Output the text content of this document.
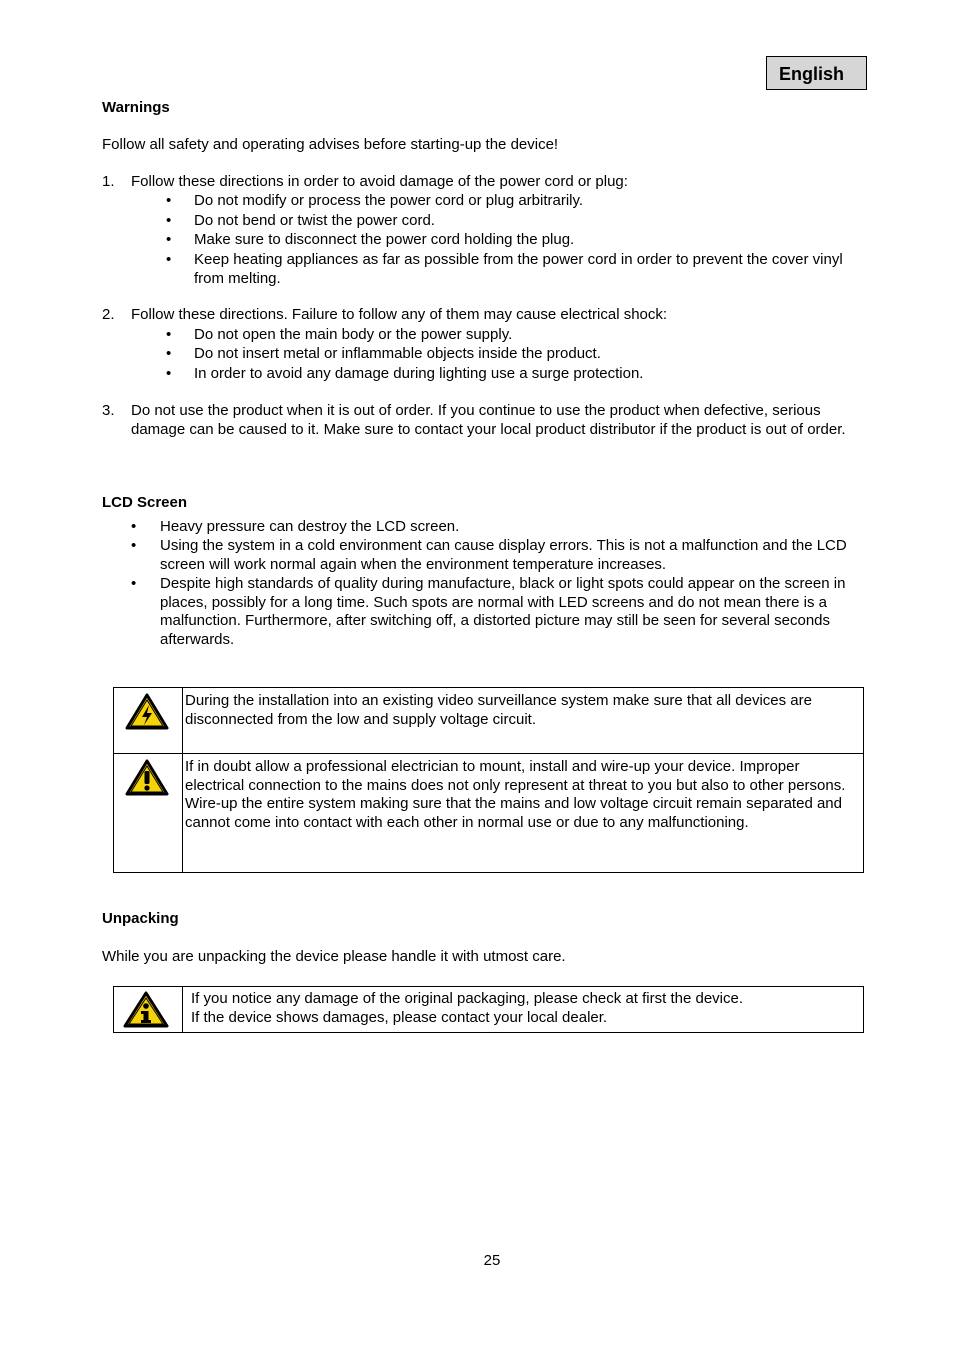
English
Warnings
Follow all safety and operating advises before starting-up the device!
1. Follow these directions in order to avoid damage of the power cord or plug:
• Do not modify or process the power cord or plug arbitrarily.
• Do not bend or twist the power cord.
• Make sure to disconnect the power cord holding the plug.
• Keep heating appliances as far as possible from the power cord in order to prevent the cover vinyl from melting.
2. Follow these directions. Failure to follow any of them may cause electrical shock:
• Do not open the main body or the power supply.
• Do not insert metal or inflammable objects inside the product.
• In order to avoid any damage during lighting use a surge protection.
3. Do not use the product when it is out of order. If you continue to use the product when defective, serious damage can be caused to it. Make sure to contact your local product distributor if the product is out of order.
LCD Screen
• Heavy pressure can destroy the LCD screen.
• Using the system in a cold environment can cause display errors. This is not a malfunction and the LCD screen will work normal again when the environment temperature increases.
• Despite high standards of quality during manufacture, black or light spots could appear on the screen in places, possibly for a long time. Such spots are normal with LED screens and do not mean there is a malfunction. Furthermore, after switching off, a distorted picture may still be seen for several seconds afterwards.
During the installation into an existing video surveillance system make sure that all devices are disconnected from the low and supply voltage circuit.
If in doubt allow a professional electrician to mount, install and wire-up your device. Improper electrical connection to the mains does not only represent at threat to you but also to other persons.
Wire-up the entire system making sure that the mains and low voltage circuit remain separated and cannot come into contact with each other in normal use or due to any malfunctioning.
Unpacking
While you are unpacking the device please handle it with utmost care.
If you notice any damage of the original packaging, please check at first the device.
If the device shows damages, please contact your local dealer.
25
